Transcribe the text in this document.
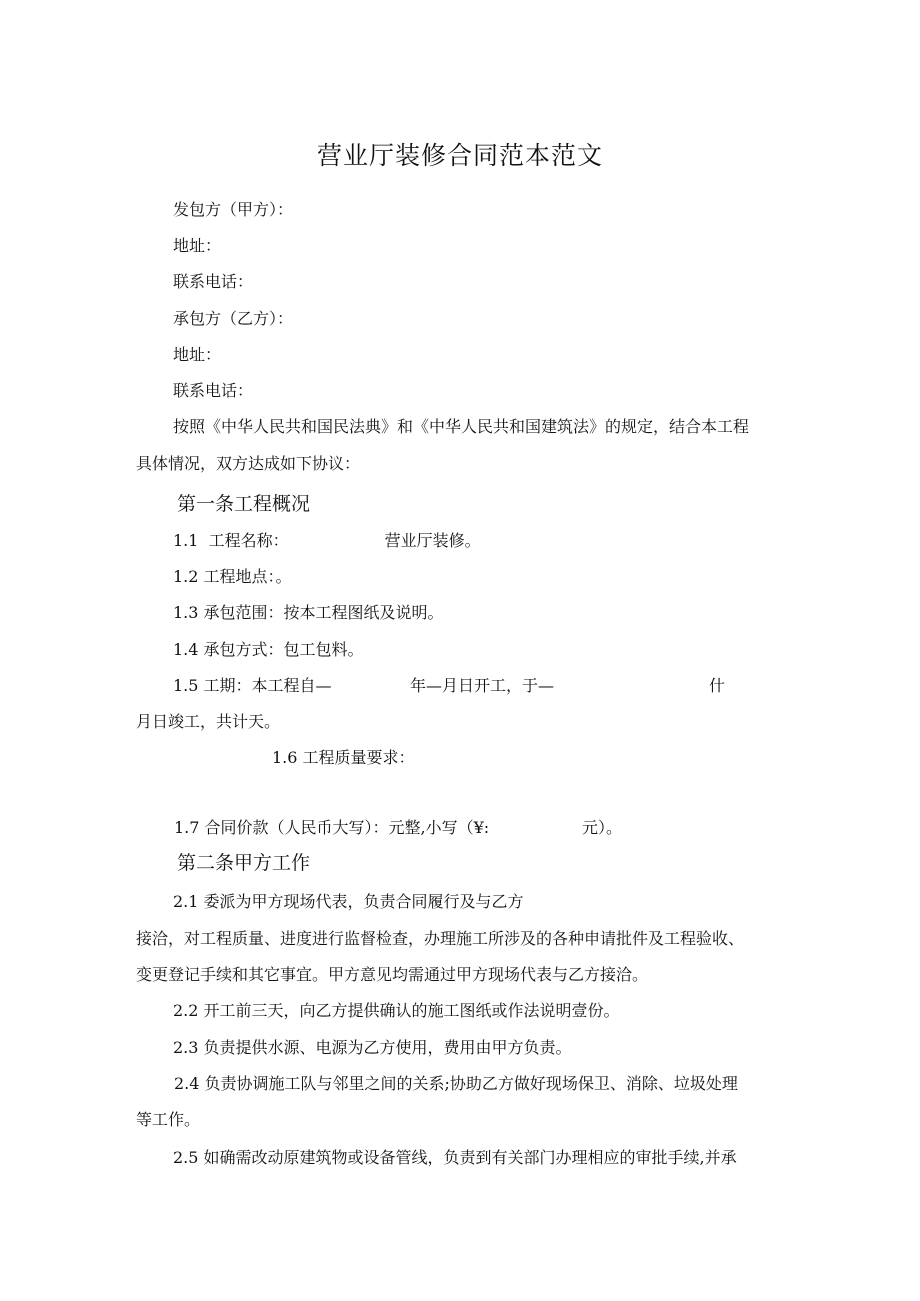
营业厅装修合同范本范文
发包方（甲方）：
地址：
联系电话：
承包方（乙方）：
地址：
联系电话：
按照《中华人民共和国民法典》和《中华人民共和国建筑法》的规定，结合本工程
具体情况，双方达成如下协议：
第一条工程概况
1.1 工程名称：	营业厅装修。
1.2 工程地点：。
1.3 承包范围：按本工程图纸及说明。
1.4 承包方式：包工包料。
1.5 工期：本工程自—	年—月日开工，于—	什
月日竣工，共计天。
1.6 工程质量要求：
1.7 合同价款（人民币大写）：元整,小写（¥:	元）。
第二条甲方工作
2.1 委派为甲方现场代表，负责合同履行及与乙方
接洽，对工程质量、进度进行监督检查，办理施工所涉及的各种申请批件及工程验收、
变更登记手续和其它事宜。甲方意见均需通过甲方现场代表与乙方接洽。
2.2 开工前三天，向乙方提供确认的施工图纸或作法说明壹份。
2.3 负责提供水源、电源为乙方使用，费用由甲方负责。
2.4 负责协调施工队与邻里之间的关系;协助乙方做好现场保卫、消除、垃圾处理
等工作。
2.5 如确需改动原建筑物或设备管线，负责到有关部门办理相应的审批手续,并承
